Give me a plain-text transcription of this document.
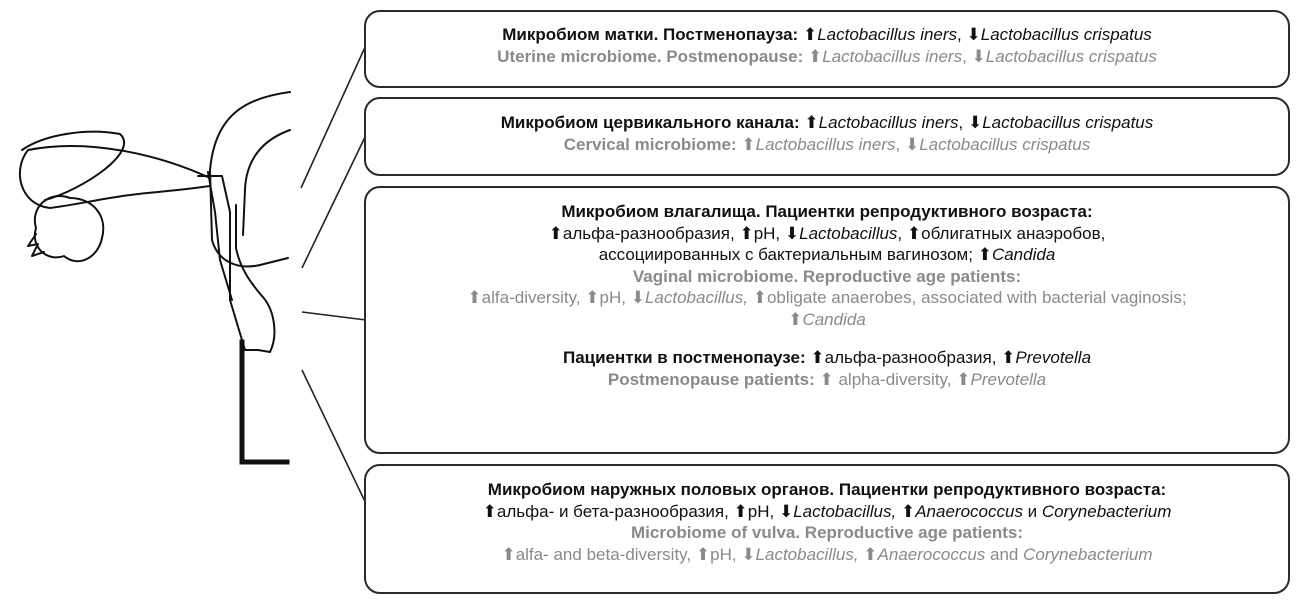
Микробиом матки. Постменопауза: ⬆Lactobacillus iners, ⬇Lactobacillus crispatus
Uterine microbiome. Postmenopause: ⬆Lactobacillus iners, ⬇Lactobacillus crispatus
Микробиом цервикального канала: ⬆Lactobacillus iners, ⬇Lactobacillus crispatus
Cervical microbiome: ⬆Lactobacillus iners, ⬇Lactobacillus crispatus
Микробиом влагалища. Пациентки репродуктивного возраста:
⬆альфа-разнообразия, ⬆pH, ⬇Lactobacillus, ⬆облигатных анаэробов,
ассоциированных с бактериальным вагинозом; ⬆Candida
Vaginal microbiome. Reproductive age patients:
⬆alfa-diversity, ⬆pH, ⬇Lactobacillus, ⬆obligate anaerobes, associated with bacterial vaginosis;
⬆Candida
Пациентки в постменопаузе: ⬆альфа-разнообразия, ⬆Prevotella
Postmenopause patients: ⬆ alpha-diversity, ⬆Prevotella
Микробиом наружных половых органов. Пациентки репродуктивного возраста:
⬆альфа- и бета-разнообразия, ⬆pH, ⬇Lactobacillus, ⬆Anaerococcus и Corynebacterium
Microbiome of vulva. Reproductive age patients:
⬆alfa- and beta-diversity, ⬆pH, ⬇Lactobacillus, ⬆Anaerococcus and Corynebacterium
